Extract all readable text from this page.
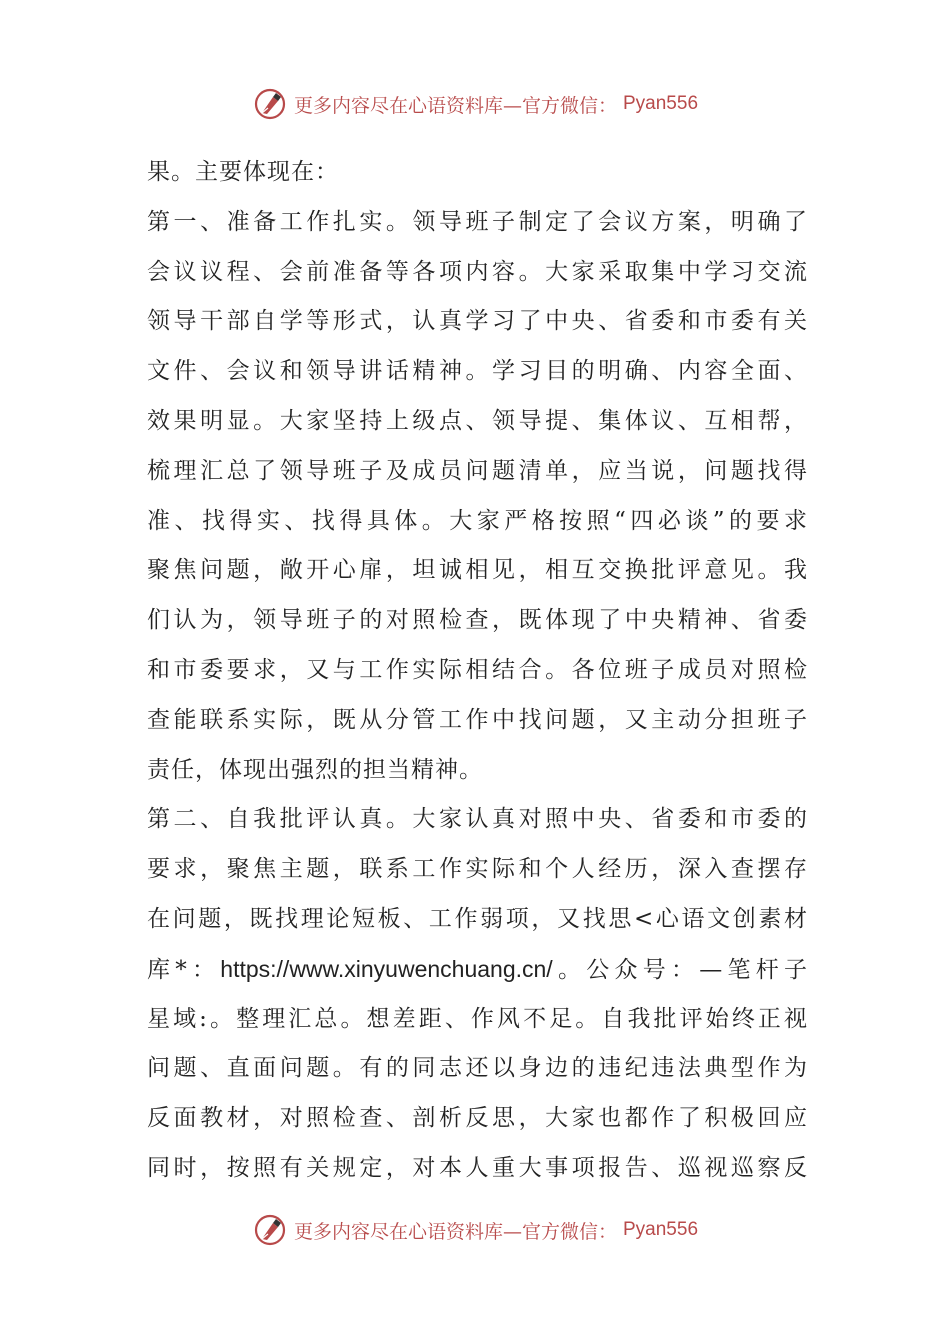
更多内容尽在心语资料库—官方微信： Pyan556
果。主要体现在：
第一、准备工作扎实。领导班子制定了会议方案，明确了
会议议程、会前准备等各项内容。大家采取集中学习交流
领导干部自学等形式，认真学习了中央、省委和市委有关
文件、会议和领导讲话精神。学习目的明确、内容全面、
效果明显。大家坚持上级点、领导提、集体议、互相帮，
梳理汇总了领导班子及成员问题清单，应当说，问题找得
准、找得实、找得具体。大家严格按照“四必谈”的要求
聚焦问题，敞开心扉，坦诚相见，相互交换批评意见。我
们认为，领导班子的对照检查，既体现了中央精神、省委
和市委要求，又与工作实际相结合。各位班子成员对照检
查能联系实际，既从分管工作中找问题，又主动分担班子
责任，体现出强烈的担当精神。
第二、自我批评认真。大家认真对照中央、省委和市委的
要求，聚焦主题，联系工作实际和个人经历，深入查摆存
在问题，既找理论短板、工作弱项，又找思<心语文创素材
库*：https://www.xinyuwenchuang.cn/。公众号：—笔杆子
星域:。整理汇总。想差距、作风不足。自我批评始终正视
问题、直面问题。有的同志还以身边的违纪违法典型作为
反面教材，对照检查、剖析反思，大家也都作了积极回应
同时，按照有关规定，对本人重大事项报告、巡视巡察反
更多内容尽在心语资料库—官方微信： Pyan556
